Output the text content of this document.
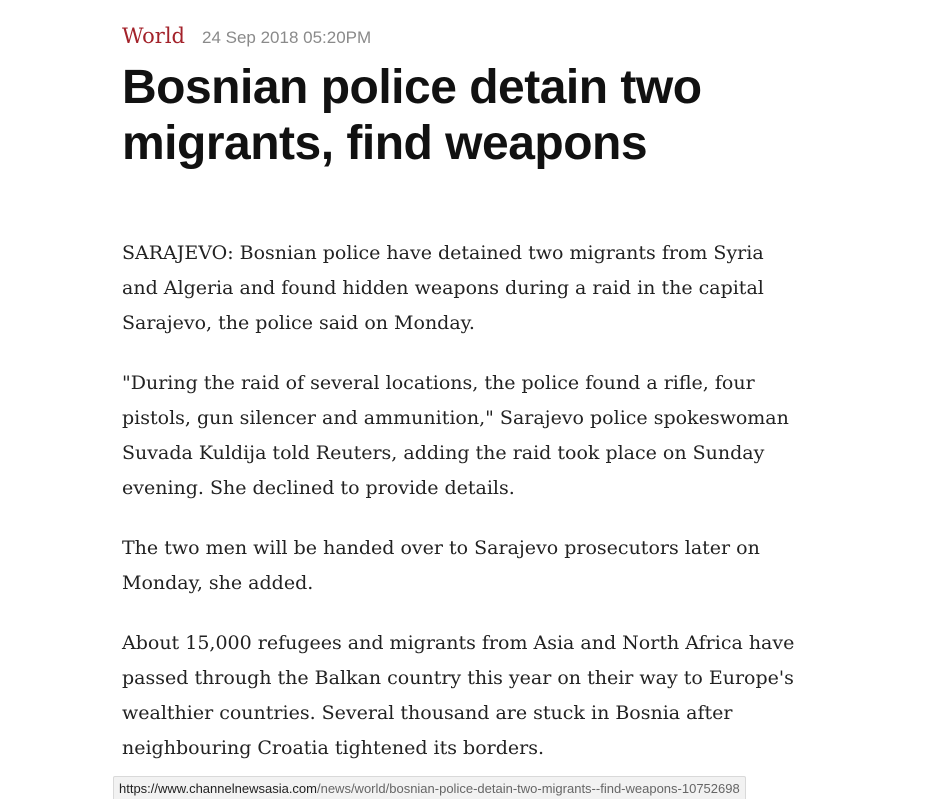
World 24 Sep 2018 05:20PM
Bosnian police detain two migrants, find weapons

SARAJEVO: Bosnian police have detained two migrants from Syria and Algeria and found hidden weapons during a raid in the capital Sarajevo, the police said on Monday.

"During the raid of several locations, the police found a rifle, four pistols, gun silencer and ammunition," Sarajevo police spokeswoman Suvada Kuldija told Reuters, adding the raid took place on Sunday evening. She declined to provide details.

The two men will be handed over to Sarajevo prosecutors later on Monday, she added.

About 15,000 refugees and migrants from Asia and North Africa have passed through the Balkan country this year on their way to Europe's wealthier countries. Several thousand are stuck in Bosnia after neighbouring Croatia tightened its borders.

https://www.channelnewsasia.com /news/world/bosnian-police-detain-two-migrants--find-weapons-10752698
